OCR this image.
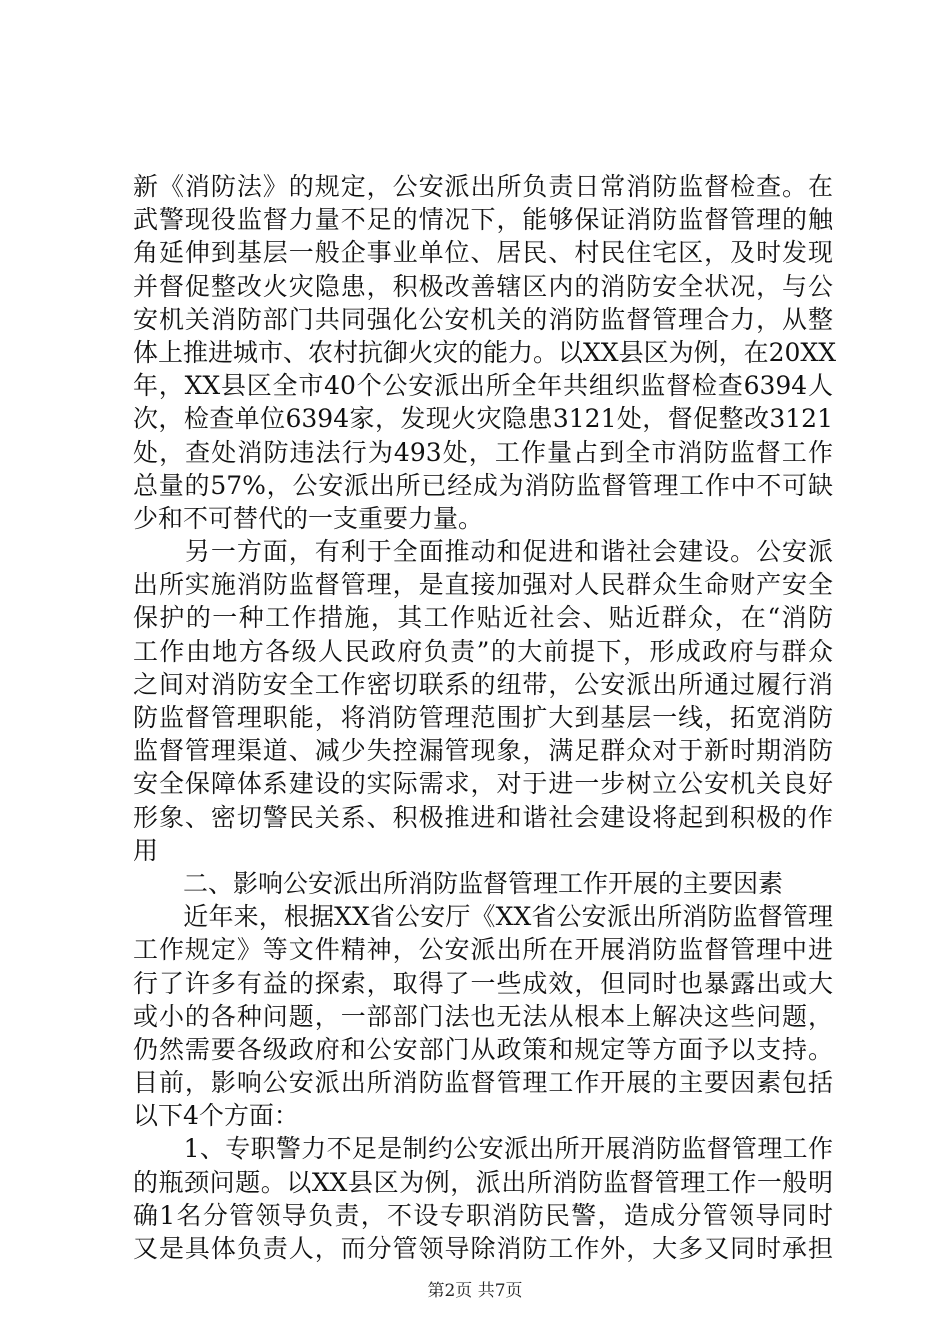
新《消防法》的规定，公安派出所负责日常消防监督检查。在
武警现役监督力量不足的情况下，能够保证消防监督管理的触
角延伸到基层一般企事业单位、居民、村民住宅区，及时发现
并督促整改火灾隐患，积极改善辖区内的消防安全状况，与公
安机关消防部门共同强化公安机关的消防监督管理合力，从整
体上推进城市、农村抗御火灾的能力。以XX县区为例，在20XX
年，XX县区全市40个公安派出所全年共组织监督检查6394人
次，检查单位6394家，发现火灾隐患3121处，督促整改3121
处，查处消防违法行为493处，工作量占到全市消防监督工作
总量的57%，公安派出所已经成为消防监督管理工作中不可缺
少和不可替代的一支重要力量。
　　另一方面，有利于全面推动和促进和谐社会建设。公安派
出所实施消防监督管理，是直接加强对人民群众生命财产安全
保护的一种工作措施，其工作贴近社会、贴近群众，在“消防
工作由地方各级人民政府负责”的大前提下，形成政府与群众
之间对消防安全工作密切联系的纽带，公安派出所通过履行消
防监督管理职能，将消防管理范围扩大到基层一线，拓宽消防
监督管理渠道、减少失控漏管现象，满足群众对于新时期消防
安全保障体系建设的实际需求，对于进一步树立公安机关良好
形象、密切警民关系、积极推进和谐社会建设将起到积极的作
用
　　二、影响公安派出所消防监督管理工作开展的主要因素
　　近年来，根据XX省公安厅《XX省公安派出所消防监督管理
工作规定》等文件精神，公安派出所在开展消防监督管理中进
行了许多有益的探索，取得了一些成效，但同时也暴露出或大
或小的各种问题，一部部门法也无法从根本上解决这些问题，
仍然需要各级政府和公安部门从政策和规定等方面予以支持。
目前，影响公安派出所消防监督管理工作开展的主要因素包括
以下4个方面：
　　1、专职警力不足是制约公安派出所开展消防监督管理工作
的瓶颈问题。以XX县区为例，派出所消防监督管理工作一般明
确1名分管领导负责，不设专职消防民警，造成分管领导同时
又是具体负责人，而分管领导除消防工作外，大多又同时承担
第2页 共7页
